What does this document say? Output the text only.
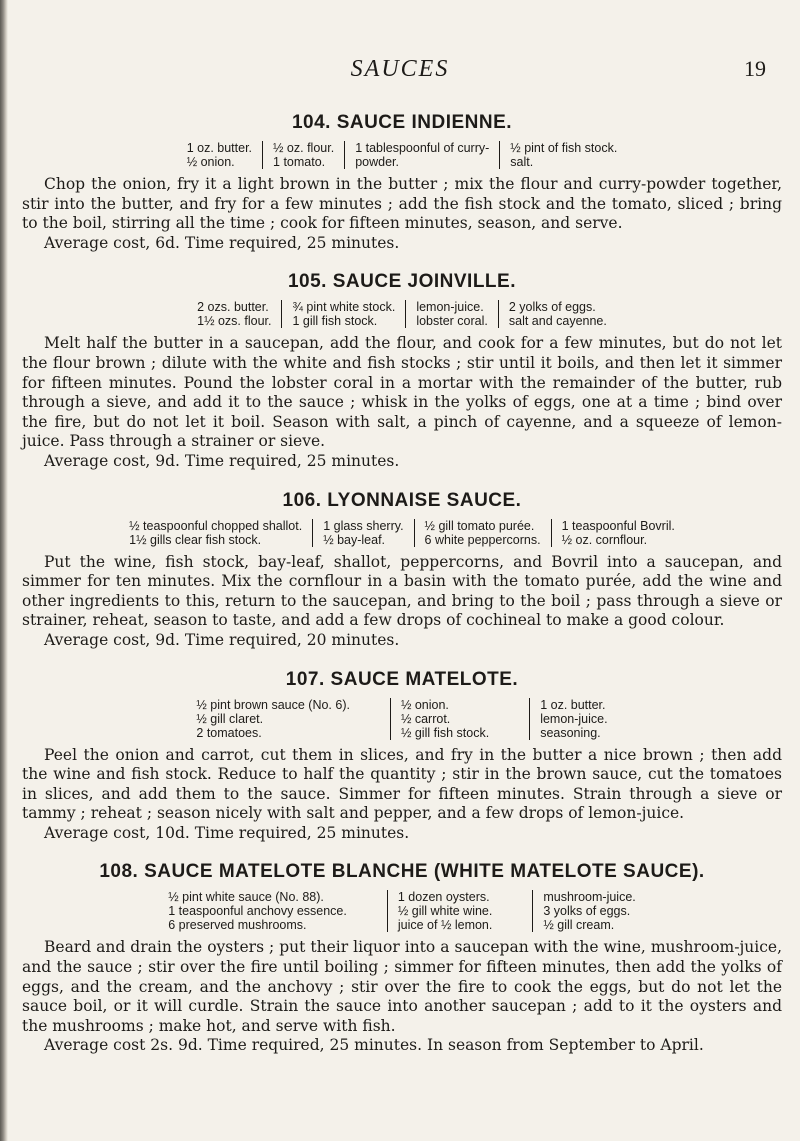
SAUCES	19
104. SAUCE INDIENNE.
1 oz. butter.
½ onion.
½ oz. flour.
1 tomato.
1 tablespoonful of curry-
powder.
½ pint of fish stock.
salt.

Chop the onion, fry it a light brown in the butter ; mix the flour and curry-powder together, stir into the butter, and fry for a few minutes ; add the fish stock and the tomato, sliced ; bring to the boil, stirring all the time ; cook for fifteen minutes, season, and serve.

Average cost, 6d. Time required, 25 minutes.

105. SAUCE JOINVILLE.
2 ozs. butter.
1½ ozs. flour.
¾ pint white stock.
1 gill fish stock.
lemon-juice.
lobster coral.
2 yolks of eggs.
salt and cayenne.

Melt half the butter in a saucepan, add the flour, and cook for a few minutes, but do not let the flour brown ; dilute with the white and fish stocks ; stir until it boils, and then let it simmer for fifteen minutes. Pound the lobster coral in a mortar with the remainder of the butter, rub through a sieve, and add it to the sauce ; whisk in the yolks of eggs, one at a time ; bind over the fire, but do not let it boil. Season with salt, a pinch of cayenne, and a squeeze of lemon-juice. Pass through a strainer or sieve.

Average cost, 9d. Time required, 25 minutes.

106. LYONNAISE SAUCE.
½ teaspoonful chopped shallot.
1½ gills clear fish stock.
1 glass sherry.
½ bay-leaf.
½ gill tomato purée.
6 white peppercorns.
1 teaspoonful Bovril.
½ oz. cornflour.

Put the wine, fish stock, bay-leaf, shallot, peppercorns, and Bovril into a saucepan, and simmer for ten minutes. Mix the cornflour in a basin with the tomato purée, add the wine and other ingredients to this, return to the saucepan, and bring to the boil ; pass through a sieve or strainer, reheat, season to taste, and add a few drops of cochineal to make a good colour.

Average cost, 9d. Time required, 20 minutes.

107. SAUCE MATELOTE.
½ pint brown sauce (No. 6).
½ gill claret.
2 tomatoes.
½ onion.
½ carrot.
½ gill fish stock.
1 oz. butter.
lemon-juice.
seasoning.

Peel the onion and carrot, cut them in slices, and fry in the butter a nice brown ; then add the wine and fish stock. Reduce to half the quantity ; stir in the brown sauce, cut the tomatoes in slices, and add them to the sauce. Simmer for fifteen minutes. Strain through a sieve or tammy ; reheat ; season nicely with salt and pepper, and a few drops of lemon-juice.

Average cost, 10d. Time required, 25 minutes.

108. SAUCE MATELOTE BLANCHE (WHITE MATELOTE SAUCE).
½ pint white sauce (No. 88).
1 teaspoonful anchovy essence.
6 preserved mushrooms.
1 dozen oysters.
½ gill white wine.
juice of ½ lemon.
mushroom-juice.
3 yolks of eggs.
½ gill cream.

Beard and drain the oysters ; put their liquor into a saucepan with the wine, mushroom-juice, and the sauce ; stir over the fire until boiling ; simmer for fifteen minutes, then add the yolks of eggs, and the cream, and the anchovy ; stir over the fire to cook the eggs, but do not let the sauce boil, or it will curdle. Strain the sauce into another saucepan ; add to it the oysters and the mushrooms ; make hot, and serve with fish.

Average cost 2s. 9d. Time required, 25 minutes. In season from September to April.
